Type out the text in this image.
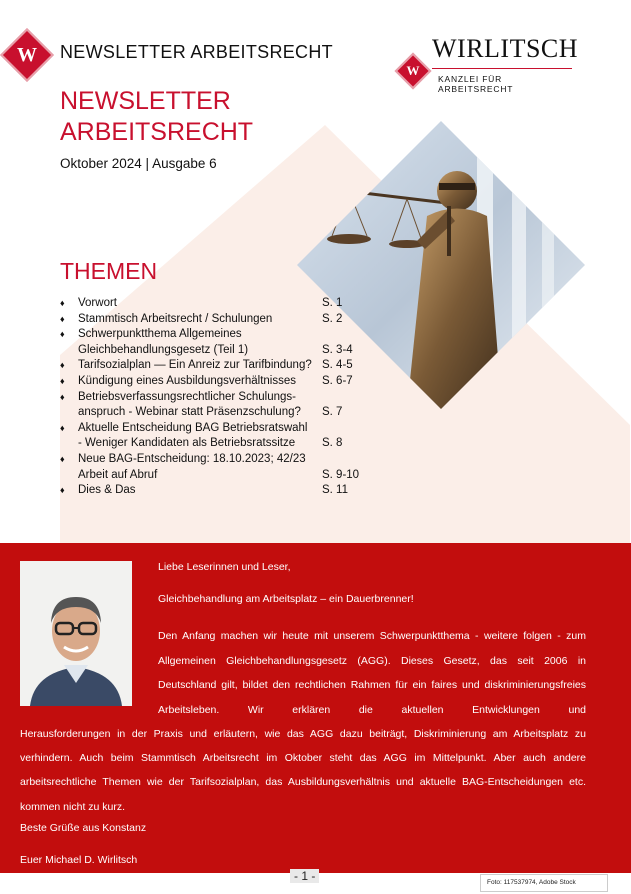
W	NEWSLETTER ARBEITSRECHT
W
WIRLITSCH
KANZLEI FÜR ARBEITSRECHT
NEWSLETTER
ARBEITSRECHT
Oktober 2024 | Ausgabe 6
THEMEN
♦	Vorwort	S. 1
♦	Stammtisch Arbeitsrecht / Schulungen	S. 2
♦	Schwerpunktthema Allgemeines
Gleichbehandlungsgesetz (Teil 1)	S. 3-4
♦	Tarifsozialplan — Ein Anreiz zur Tarifbindung? S. 4-5
♦	Kündigung eines Ausbildungsverhältnisses	S. 6-7
♦	Betriebsverfassungsrechtlicher Schulungs-
anspruch - Webinar statt Präsenzschulung?	S. 7
♦	Aktuelle Entscheidung BAG Betriebsratswahl
- Weniger Kandidaten als Betriebsratssitze	S. 8
♦	Neue BAG-Entscheidung: 18.10.2023; 42/23
Arbeit auf Abruf	S. 9-10
♦	Dies & Das	S. 11
Liebe Leserinnen und Leser,
Gleichbehandlung am Arbeitsplatz – ein Dauerbrenner!
Den Anfang machen wir heute mit unserem Schwerpunktthema - weitere folgen - zum Allgemeinen Gleichbehandlungsgesetz (AGG). Dieses Gesetz, das seit 2006 in Deutschland gilt, bildet den rechtlichen Rahmen für ein faires und diskriminierungsfreies Arbeitsleben. Wir erklären die aktuellen Entwicklungen und
Herausforderungen in der Praxis und erläutern, wie das AGG dazu beiträgt, Diskriminierung am Arbeitsplatz zu verhindern. Auch beim Stammtisch Arbeitsrecht im Oktober steht das AGG im Mittelpunkt. Aber auch andere arbeitsrechtliche Themen wie der Tarifsozialplan, das Ausbildungsverhältnis und aktuelle BAG-Entscheidungen etc. kommen nicht zu kurz.
Beste Grüße aus Konstanz
Euer Michael D. Wirlitsch
- 1 -	Foto: 117537974, Adobe Stock
